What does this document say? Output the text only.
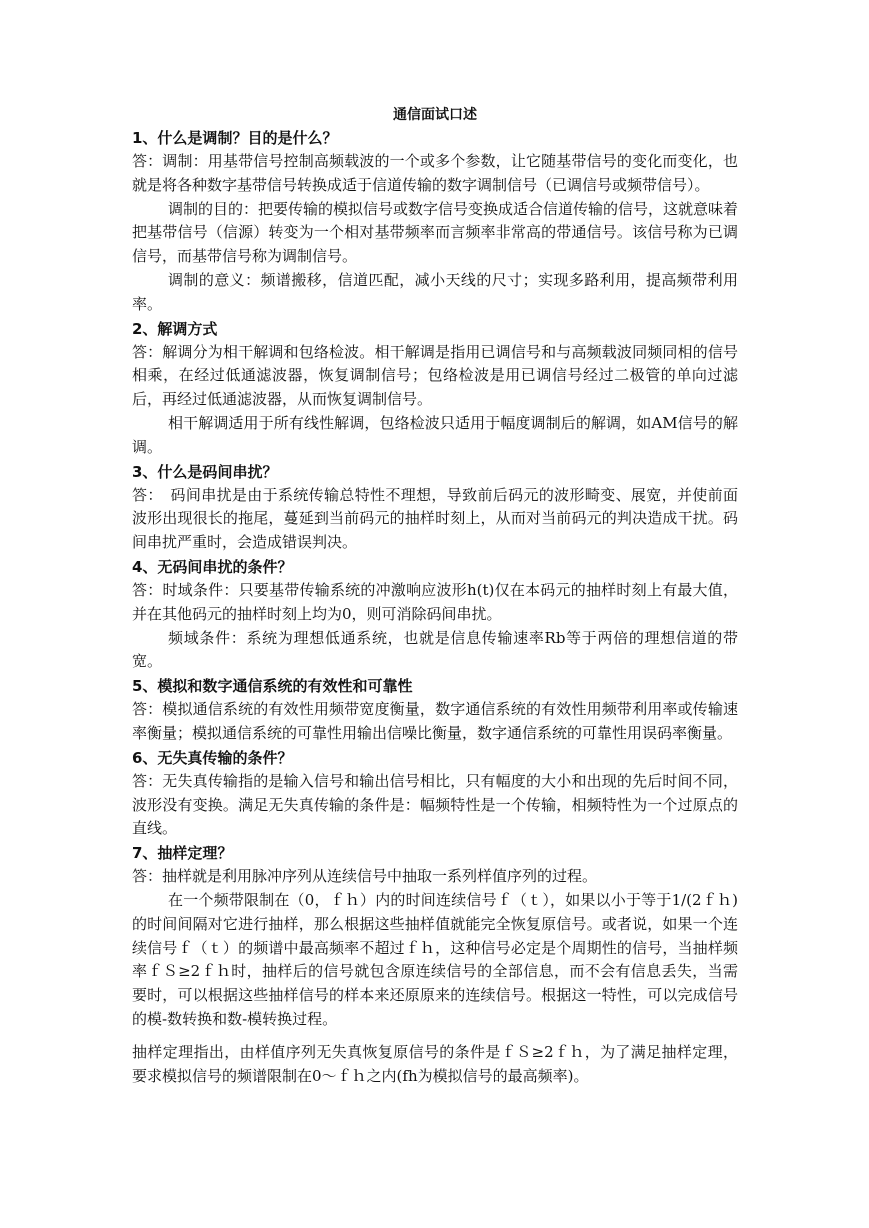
通信面试口述
1、什么是调制？目的是什么？

答：调制：用基带信号控制高频载波的一个或多个参数，让它随基带信号的变化而变化，也就是将各种数字基带信号转换成适于信道传输的数字调制信号（已调信号或频带信号）。

调制的目的：把要传输的模拟信号或数字信号变换成适合信道传输的信号，这就意味着把基带信号（信源）转变为一个相对基带频率而言频率非常高的带通信号。该信号称为已调信号，而基带信号称为调制信号。

调制的意义：频谱搬移，信道匹配，减小天线的尺寸；实现多路利用，提高频带利用率。

2、解调方式

答：解调分为相干解调和包络检波。相干解调是指用已调信号和与高频载波同频同相的信号相乘，在经过低通滤波器，恢复调制信号；包络检波是用已调信号经过二极管的单向过滤后，再经过低通滤波器，从而恢复调制信号。

相干解调适用于所有线性解调，包络检波只适用于幅度调制后的解调，如AM信号的解调。

3、什么是码间串扰？

答：　码间串扰是由于系统传输总特性不理想，导致前后码元的波形畸变、展宽，并使前面波形出现很长的拖尾，蔓延到当前码元的抽样时刻上，从而对当前码元的判决造成干扰。码间串扰严重时，会造成错误判决。

4、无码间串扰的条件？

答：时域条件：只要基带传输系统的冲激响应波形h(t)仅在本码元的抽样时刻上有最大值，并在其他码元的抽样时刻上均为0，则可消除码间串扰。

频域条件：系统为理想低通系统，也就是信息传输速率Rb等于两倍的理想信道的带宽。

5、模拟和数字通信系统的有效性和可靠性

答：模拟通信系统的有效性用频带宽度衡量，数字通信系统的有效性用频带利用率或传输速率衡量；模拟通信系统的可靠性用输出信噪比衡量，数字通信系统的可靠性用误码率衡量。

6、无失真传输的条件？

答：无失真传输指的是输入信号和输出信号相比，只有幅度的大小和出现的先后时间不同，波形没有变换。满足无失真传输的条件是：幅频特性是一个传输，相频特性为一个过原点的直线。

7、抽样定理？

答：抽样就是利用脉冲序列从连续信号中抽取一系列样值序列的过程。

在一个频带限制在（0，ｆｈ）内的时间连续信号ｆ（ｔ），如果以小于等于1/(2ｆｈ)的时间间隔对它进行抽样，那么根据这些抽样值就能完全恢复原信号。或者说，如果一个连续信号ｆ（ｔ）的频谱中最高频率不超过ｆｈ，这种信号必定是个周期性的信号，当抽样频率ｆＳ≥2ｆｈ时，抽样后的信号就包含原连续信号的全部信息，而不会有信息丢失，当需要时，可以根据这些抽样信号的样本来还原原来的连续信号。根据这一特性，可以完成信号的模-数转换和数-模转换过程。

抽样定理指出，由样值序列无失真恢复原信号的条件是ｆＳ≥2ｆｈ，为了满足抽样定理，要求模拟信号的频谱限制在0～ｆｈ之内(fh为模拟信号的最高频率)。
